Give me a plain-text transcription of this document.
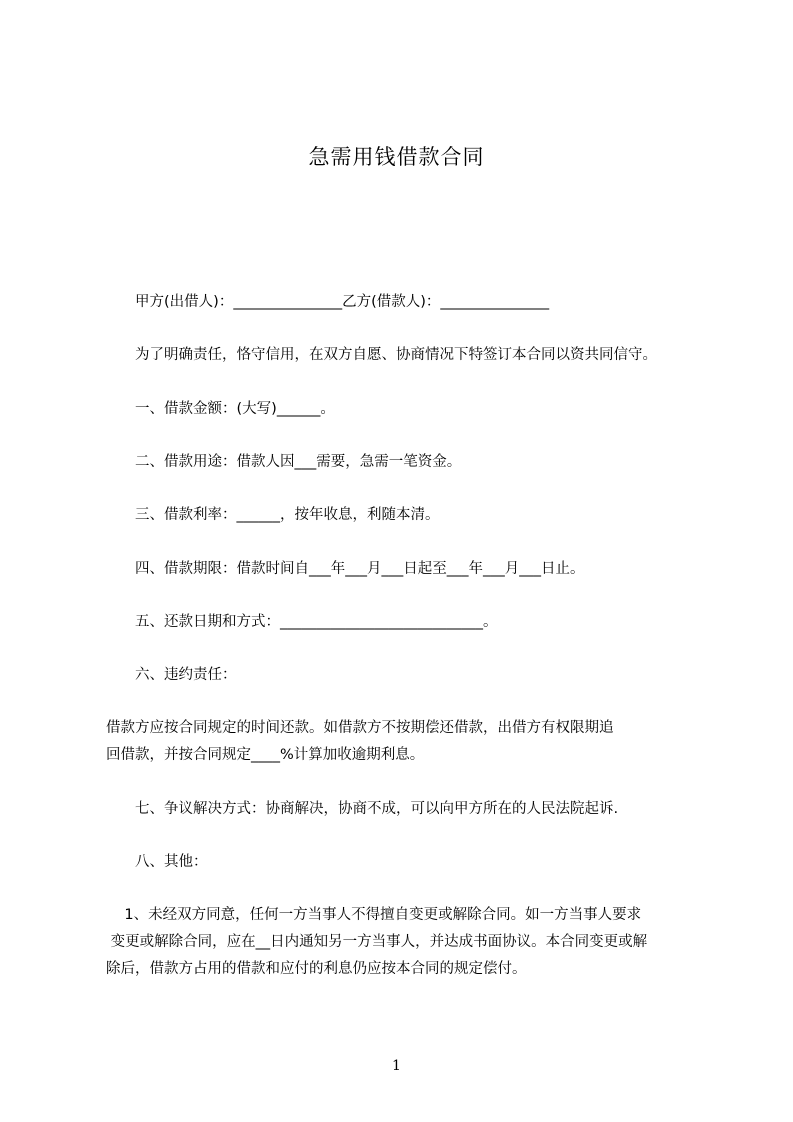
急需用钱借款合同
甲方(出借人)：_______________乙方(借款人)：_______________
为了明确责任，恪守信用，在双方自愿、协商情况下特签订本合同以资共同信守。
一、借款金额：(大写)______。
二、借款用途：借款人因___需要，急需一笔资金。
三、借款利率：______，按年收息，利随本清。
四、借款期限：借款时间自___年___月___日起至___年___月___日止。
五、还款日期和方式：____________________________。
六、违约责任：

借款方应按合同规定的时间还款。如借款方不按期偿还借款，出借方有权限期追

回借款，并按合同规定____%计算加收逾期利息。

七、争议解决方式：协商解决，协商不成，可以向甲方所在的人民法院起诉.
八、其他：

1、未经双方同意，任何一方当事人不得擅自变更或解除合同。如一方当事人要求

变更或解除合同，应在__日内通知另一方当事人，并达成书面协议。本合同变更或解

除后，借款方占用的借款和应付的利息仍应按本合同的规定偿付。

1
